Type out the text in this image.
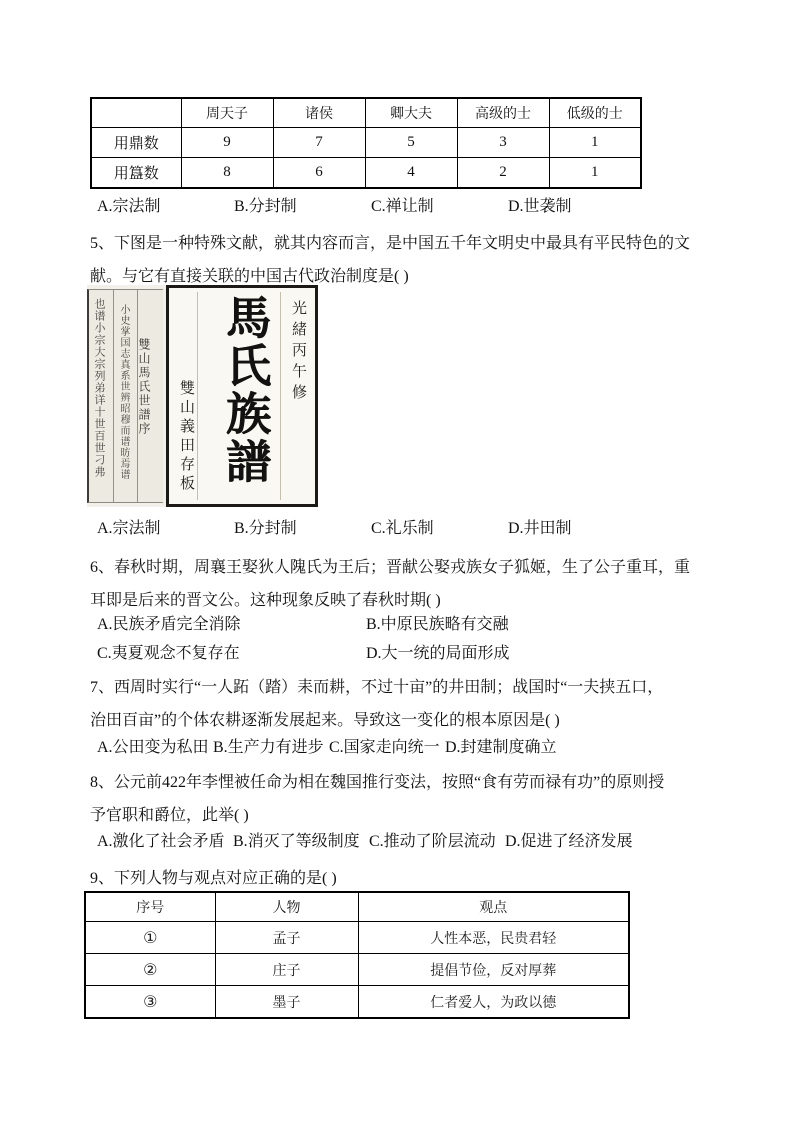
	周天子	诸侯	卿大夫	高级的士	低级的士
用鼎数	9	7	5	3	1
用簋数	8	6	4	2	1
A.宗法制	B.分封制	C.禅让制	D.世袭制
5、下图是一种特殊文献，就其内容而言，是中国五千年文明史中最具有平民特色的文
献。与它有直接关联的中国古代政治制度是( )
也谱小宗大宗列弟详十世百世刁弗 小史掌国志真系世辨昭穆而谱昉焉谱 雙山馬氏世譜序	光緒丙午修
馬氏族譜
雙山義田存板
A.宗法制	B.分封制	C.礼乐制	D.井田制
6、春秋时期，周襄王娶狄人隗氏为王后；晋献公娶戎族女子狐姬，生了公子重耳，重
耳即是后来的晋文公。这种现象反映了春秋时期( )
A.民族矛盾完全消除	B.中原民族略有交融
C.夷夏观念不复存在	D.大一统的局面形成
7、西周时实行“一人跖（踏）耒而耕，不过十亩”的井田制；战国时“一夫挟五口，
治田百亩”的个体农耕逐渐发展起来。导致这一变化的根本原因是( )
A.公田变为私田 B.生产力有进步 C.国家走向统一 D.封建制度确立
8、公元前422年李悝被任命为相在魏国推行变法，按照“食有劳而禄有功”的原则授
予官职和爵位，此举( )
A.激化了社会矛盾 B.消灭了等级制度 C.推动了阶层流动 D.促进了经济发展
9、下列人物与观点对应正确的是( )
序号	人物	观点
①	孟子	人性本恶，民贵君轻
②	庄子	提倡节俭，反对厚葬
③	墨子	仁者爱人，为政以德
